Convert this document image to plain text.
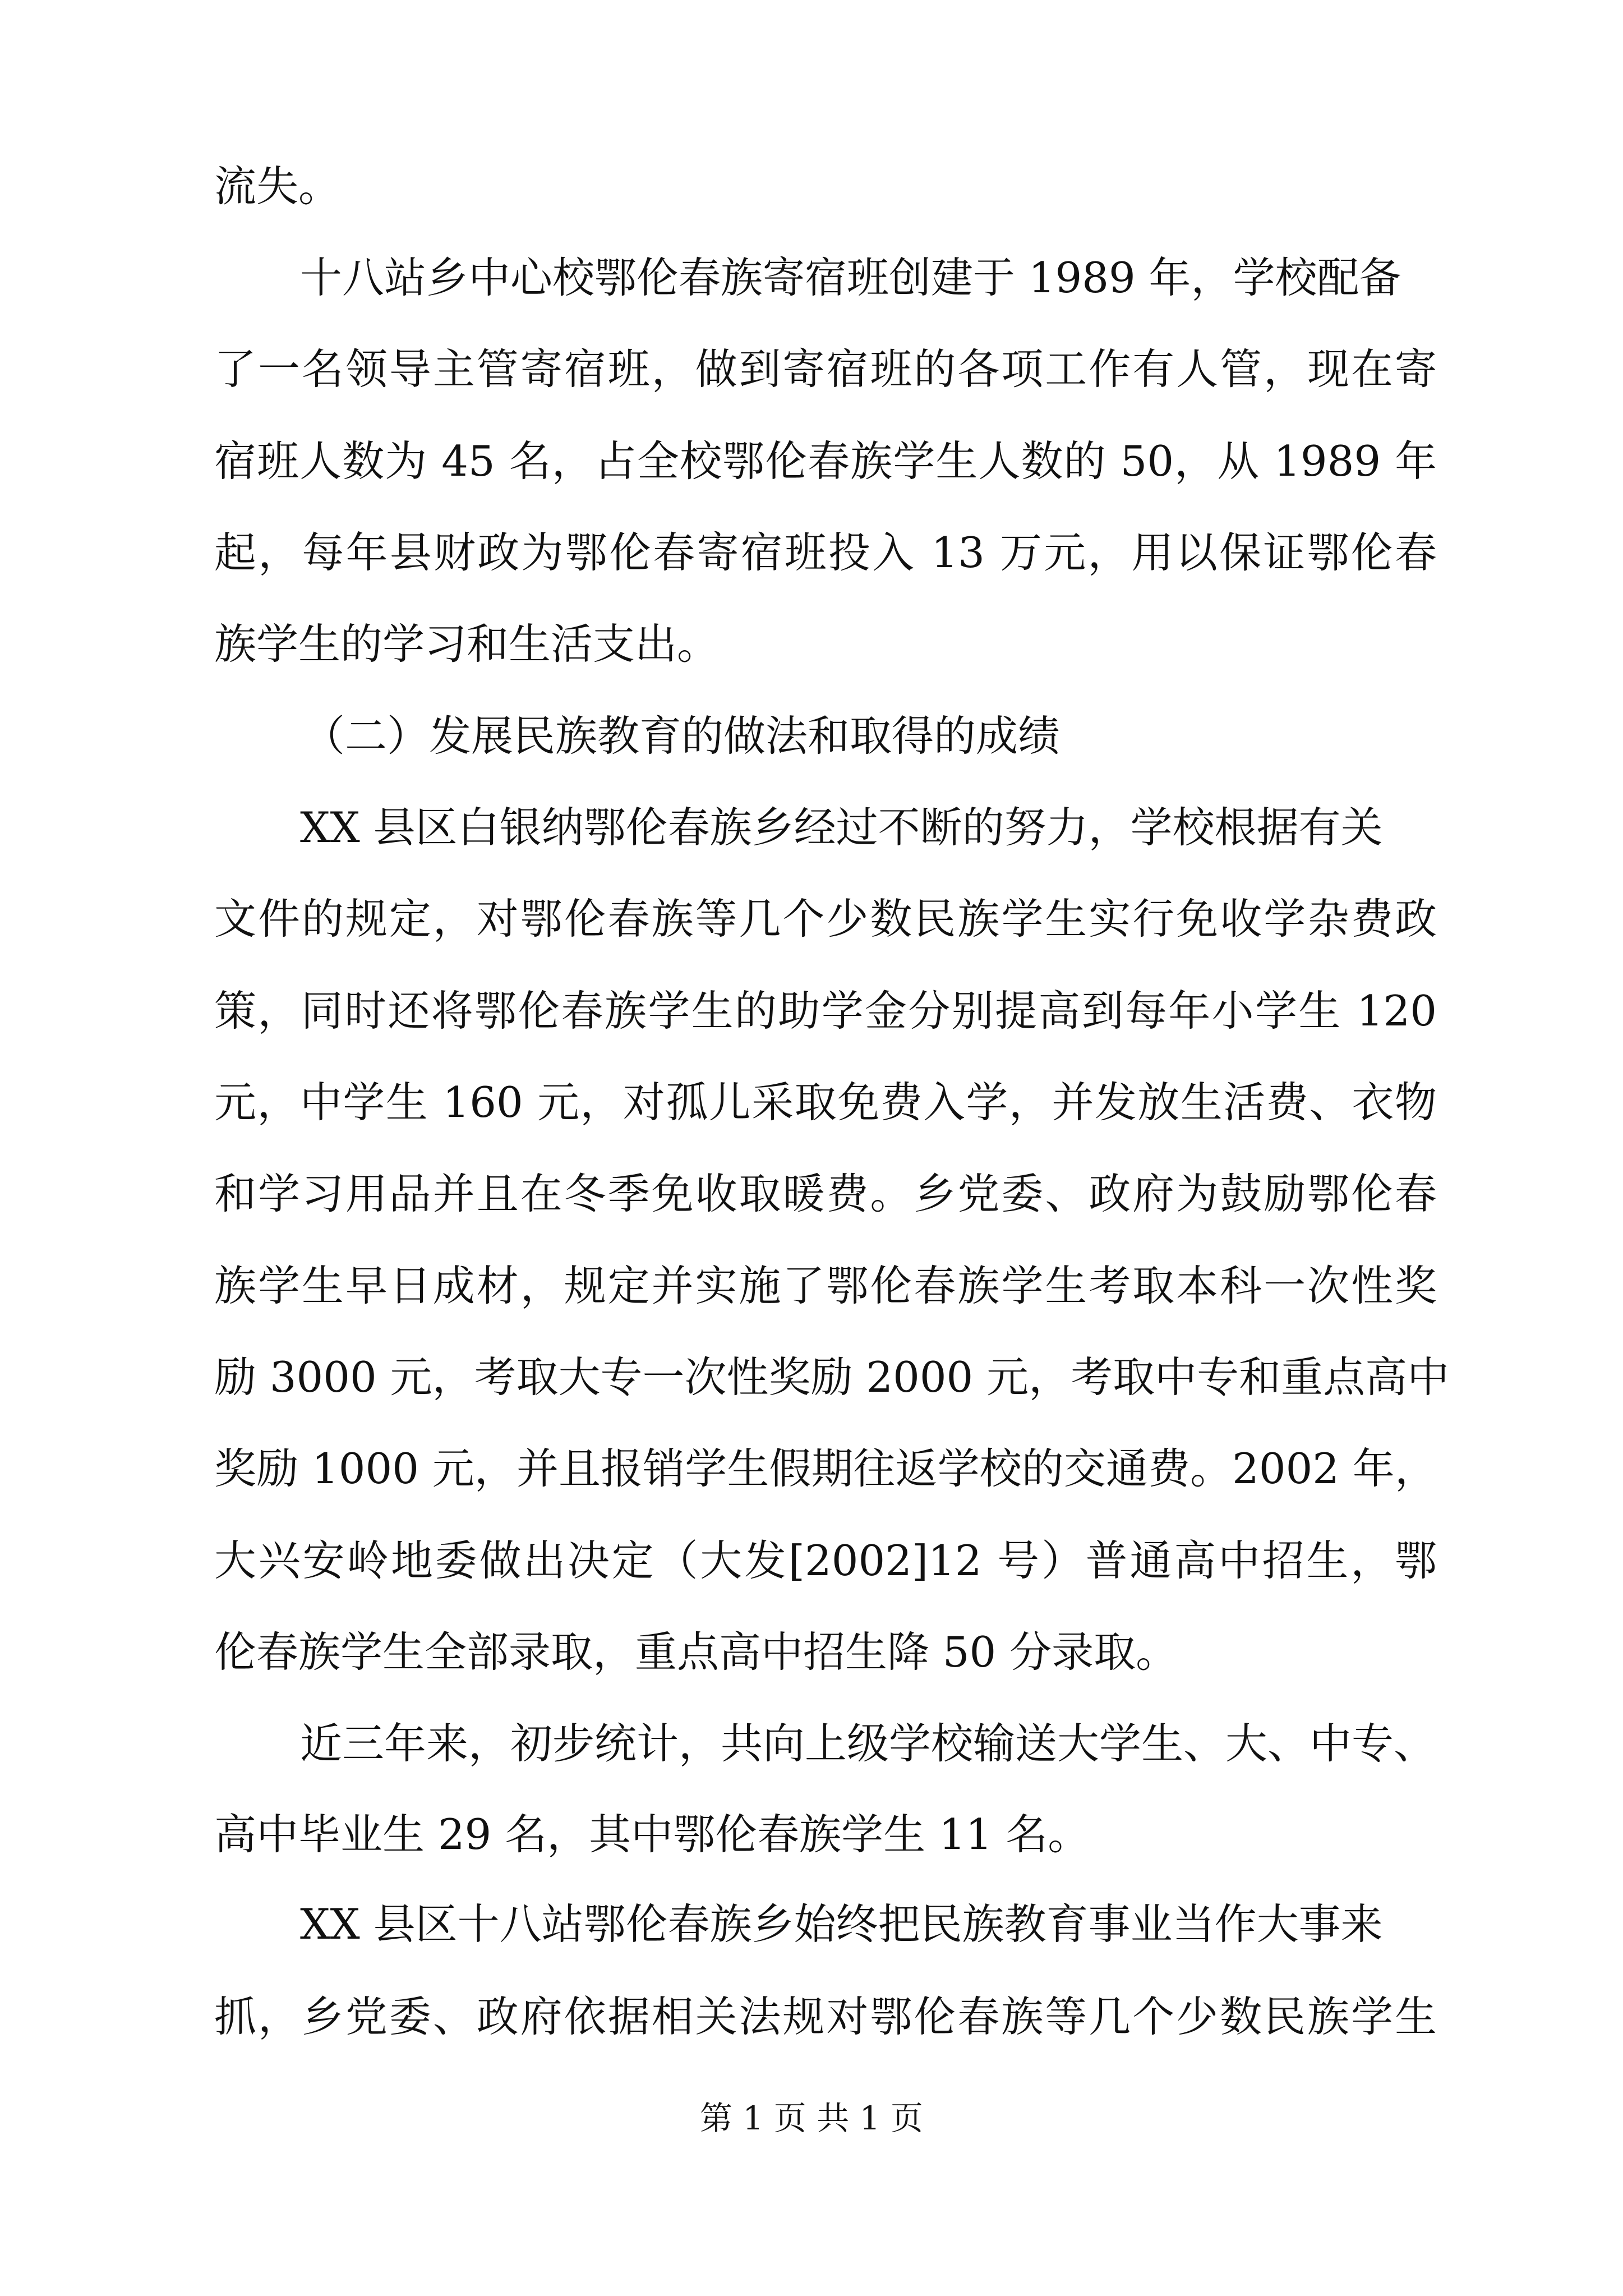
流失。
十八站乡中心校鄂伦春族寄宿班创建于 1989 年，学校配备
了一名领导主管寄宿班，做到寄宿班的各项工作有人管，现在寄
宿班人数为 45 名，占全校鄂伦春族学生人数的 50，从 1989 年
起，每年县财政为鄂伦春寄宿班投入 13 万元，用以保证鄂伦春
族学生的学习和生活支出。
（二）发展民族教育的做法和取得的成绩
XX 县区白银纳鄂伦春族乡经过不断的努力，学校根据有关
文件的规定，对鄂伦春族等几个少数民族学生实行免收学杂费政
策，同时还将鄂伦春族学生的助学金分别提高到每年小学生 120
元，中学生 160 元，对孤儿采取免费入学，并发放生活费、衣物
和学习用品并且在冬季免收取暖费。乡党委、政府为鼓励鄂伦春
族学生早日成材，规定并实施了鄂伦春族学生考取本科一次性奖
励 3000 元，考取大专一次性奖励 2000 元，考取中专和重点高中
奖励 1000 元，并且报销学生假期往返学校的交通费。2002 年，
大兴安岭地委做出决定（大发[2002]12 号）普通高中招生，鄂
伦春族学生全部录取，重点高中招生降 50 分录取。
近三年来，初步统计，共向上级学校输送大学生、大、中专、
高中毕业生 29 名，其中鄂伦春族学生 11 名。
XX 县区十八站鄂伦春族乡始终把民族教育事业当作大事来
抓，乡党委、政府依据相关法规对鄂伦春族等几个少数民族学生
第 1 页 共 1 页
